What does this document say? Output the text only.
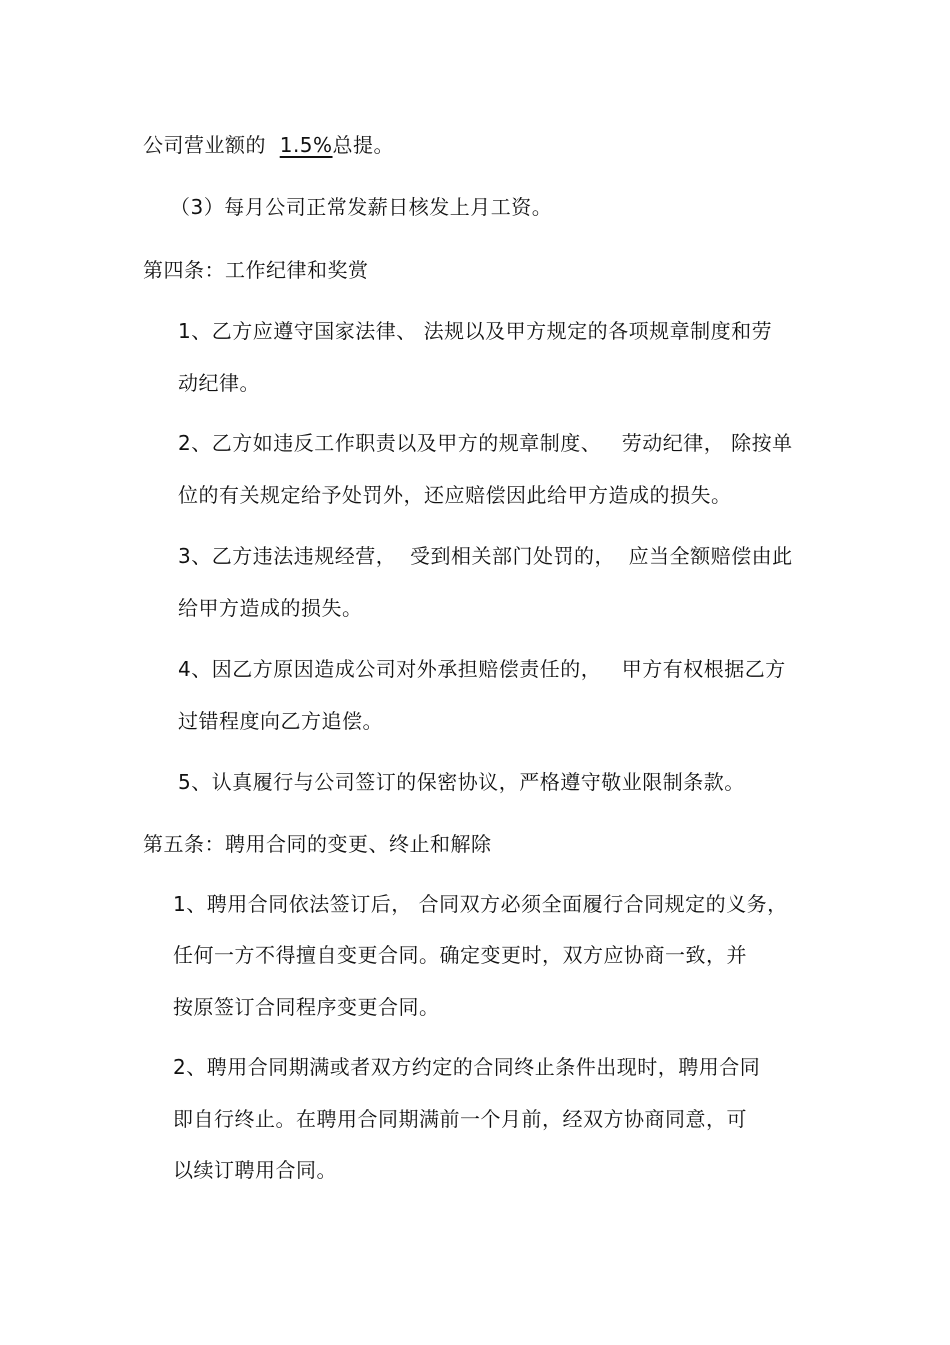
公司营业额的  1.5%总提。
（3）每月公司正常发薪日核发上月工资。
第四条：工作纪律和奖赏
1、乙方应遵守国家法律、 法规以及甲方规定的各项规章制度和劳
动纪律。
2、乙方如违反工作职责以及甲方的规章制度、   劳动纪律， 除按单
位的有关规定给予处罚外，还应赔偿因此给甲方造成的损失。
3、乙方违法违规经营，  受到相关部门处罚的，  应当全额赔偿由此
给甲方造成的损失。
4、因乙方原因造成公司对外承担赔偿责任的，   甲方有权根据乙方
过错程度向乙方追偿。
5、认真履行与公司签订的保密协议，严格遵守敬业限制条款。
第五条：聘用合同的变更、终止和解除
1、聘用合同依法签订后， 合同双方必须全面履行合同规定的义务，
任何一方不得擅自变更合同。确定变更时，双方应协商一致，并
按原签订合同程序变更合同。
2、聘用合同期满或者双方约定的合同终止条件出现时，聘用合同
即自行终止。在聘用合同期满前一个月前，经双方协商同意，可
以续订聘用合同。
